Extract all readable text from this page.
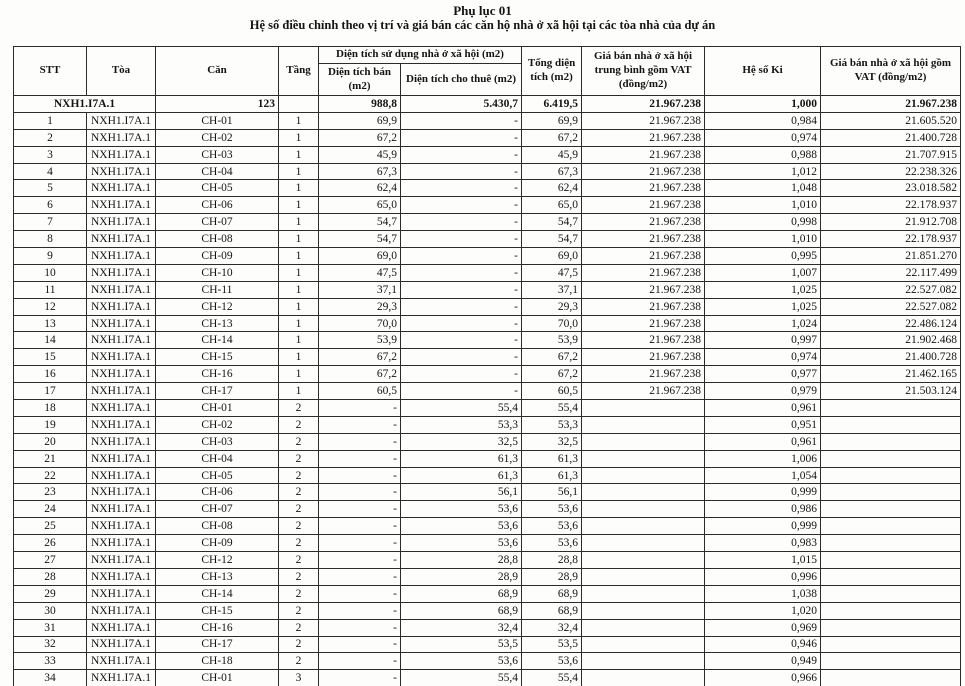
Phụ lục 01
Hệ số điều chỉnh theo vị trí và giá bán các căn hộ nhà ở xã hội tại các tòa nhà của dự án
STT	Tòa	Căn	Tầng	Diện tích sử dụng nhà ở xã hội (m2)		Tổng diện tích (m2)	Giá bán nhà ở xã hội trung bình gồm VAT (đồng/m2)	Hệ số Ki	Giá bán nhà ở xã hội gồm VAT (đồng/m2)
				Diện tích bán (m2)	Diện tích cho thuê (m2)				
NXH1.I7A.1		123		988,8	5.430,7	6.419,5	21.967.238	1,000	21.967.238
1	NXH1.I7A.1	CH-01	1	69,9	-	69,9	21.967.238	0,984	21.605.520
2	NXH1.I7A.1	CH-02	1	67,2	-	67,2	21.967.238	0,974	21.400.728
3	NXH1.I7A.1	CH-03	1	45,9	-	45,9	21.967.238	0,988	21.707.915
4	NXH1.I7A.1	CH-04	1	67,3	-	67,3	21.967.238	1,012	22.238.326
5	NXH1.I7A.1	CH-05	1	62,4	-	62,4	21.967.238	1,048	23.018.582
6	NXH1.I7A.1	CH-06	1	65,0	-	65,0	21.967.238	1,010	22.178.937
7	NXH1.I7A.1	CH-07	1	54,7	-	54,7	21.967.238	0,998	21.912.708
8	NXH1.I7A.1	CH-08	1	54,7	-	54,7	21.967.238	1,010	22.178.937
9	NXH1.I7A.1	CH-09	1	69,0	-	69,0	21.967.238	0,995	21.851.270
10	NXH1.I7A.1	CH-10	1	47,5	-	47,5	21.967.238	1,007	22.117.499
11	NXH1.I7A.1	CH-11	1	37,1	-	37,1	21.967.238	1,025	22.527.082
12	NXH1.I7A.1	CH-12	1	29,3	-	29,3	21.967.238	1,025	22.527.082
13	NXH1.I7A.1	CH-13	1	70,0	-	70,0	21.967.238	1,024	22.486.124
14	NXH1.I7A.1	CH-14	1	53,9	-	53,9	21.967.238	0,997	21.902.468
15	NXH1.I7A.1	CH-15	1	67,2	-	67,2	21.967.238	0,974	21.400.728
16	NXH1.I7A.1	CH-16	1	67,2	-	67,2	21.967.238	0,977	21.462.165
17	NXH1.I7A.1	CH-17	1	60,5	-	60,5	21.967.238	0,979	21.503.124
18	NXH1.I7A.1	CH-01	2	-	55,4	55,4		0,961	
19	NXH1.I7A.1	CH-02	2	-	53,3	53,3		0,951	
20	NXH1.I7A.1	CH-03	2	-	32,5	32,5		0,961	
21	NXH1.I7A.1	CH-04	2	-	61,3	61,3		1,006	
22	NXH1.I7A.1	CH-05	2	-	61,3	61,3		1,054	
23	NXH1.I7A.1	CH-06	2	-	56,1	56,1		0,999	
24	NXH1.I7A.1	CH-07	2	-	53,6	53,6		0,986	
25	NXH1.I7A.1	CH-08	2	-	53,6	53,6		0,999	
26	NXH1.I7A.1	CH-09	2	-	53,6	53,6		0,983	
27	NXH1.I7A.1	CH-12	2	-	28,8	28,8		1,015	
28	NXH1.I7A.1	CH-13	2	-	28,9	28,9		0,996	
29	NXH1.I7A.1	CH-14	2	-	68,9	68,9		1,038	
30	NXH1.I7A.1	CH-15	2	-	68,9	68,9		1,020	
31	NXH1.I7A.1	CH-16	2	-	32,4	32,4		0,969	
32	NXH1.I7A.1	CH-17	2	-	53,5	53,5		0,946	
33	NXH1.I7A.1	CH-18	2	-	53,6	53,6		0,949	
34	NXH1.I7A.1	CH-01	3	-	55,4	55,4		0,966	
